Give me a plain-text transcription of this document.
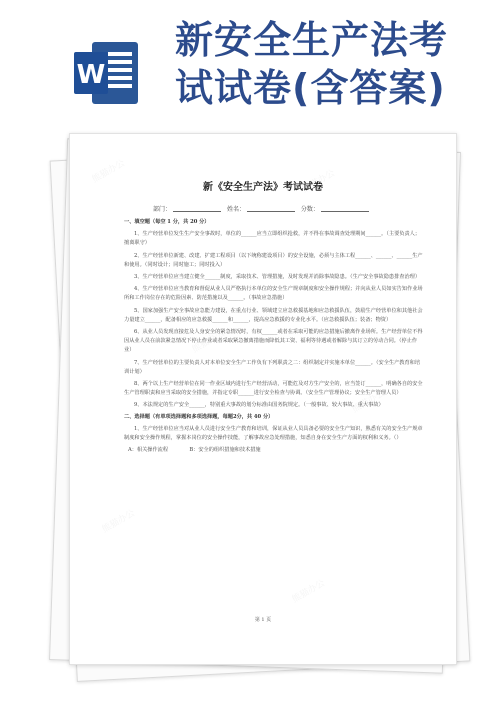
W
新安全生产法考试试卷(含答案)
熊猫办公	熊猫办公
熊猫办公
熊猫办公
熊猫办公
熊猫办公
新《安全生产法》考试试卷
部门：	姓名：	分数：
一、填空题（每空 1 分，共 20 分）
1、生产经营单位发生生产安全事故时，单位的______应当立即组织抢救，并不得在事故调查处理期间______。（主要负责人；擅离职守）
2、生产经营单位新建、改建、扩建工程项目（以下统称建设项目）的安全设施，必须与主体工程______、______、______生产和使用。（同时设计；同时施工；同时投入）
3、生产经营单位应当建立健全______制度，采取技术、管理措施，及时发现并消除事故隐患。（生产安全事故隐患排查治理）
4、生产经营单位应当教育和督促从业人员严格执行本单位的安全生产规章制度和安全操作规程；并向从业人员如实告知作业场所和工作岗位存在的危险因素、防范措施以及______。（事故应急措施）
5、国家加强生产安全事故应急能力建设，在重点行业、领域建立应急救援基地和应急救援队伍，鼓励生产经营单位和其他社会力量建立______，配备相应的应急救援______和______，提高应急救援的专业化水平。（应急救援队伍；装备；物资）
6、从业人员发现直接危及人身安全的紧急情况时，有权______或者在采取可能的应急措施后撤离作业场所。生产经营单位不得因从业人员在前款紧急情况下停止作业或者采取紧急撤离措施而降低其工资、福利等待遇或者解除与其订立的劳动合同。（停止作业）
7、生产经营单位的主要负责人对本单位安全生产工作负有下列职责之二：组织制定并实施本单位______。（安全生产教育和培训计划）
8、两个以上生产经营单位在同一作业区域内进行生产经营活动，可能危及对方生产安全的，应当签订______，明确各自的安全生产管理职责和应当采取的安全措施，并指定专职______进行安全检查与协调。（安全生产管理协议；安全生产管理人员）
9、本法规定的生产安全______，特别重大事故的划分标准由国务院规定。（一般事故、较大事故、重大事故）
二、选择题（有单项选择题和多项选择题，每题2分，共 40 分）
1、生产经营单位应当对从业人员进行安全生产教育和培训，保证从业人员具备必要的安全生产知识，熟悉有关的安全生产规章制度和安全操作规程，掌握本岗位的安全操作技能，了解事故应急处理措施，知悉自身在安全生产方面的权利和义务。（）
A：相关操作流程	B：安全的组织措施和技术措施
第 1 页
